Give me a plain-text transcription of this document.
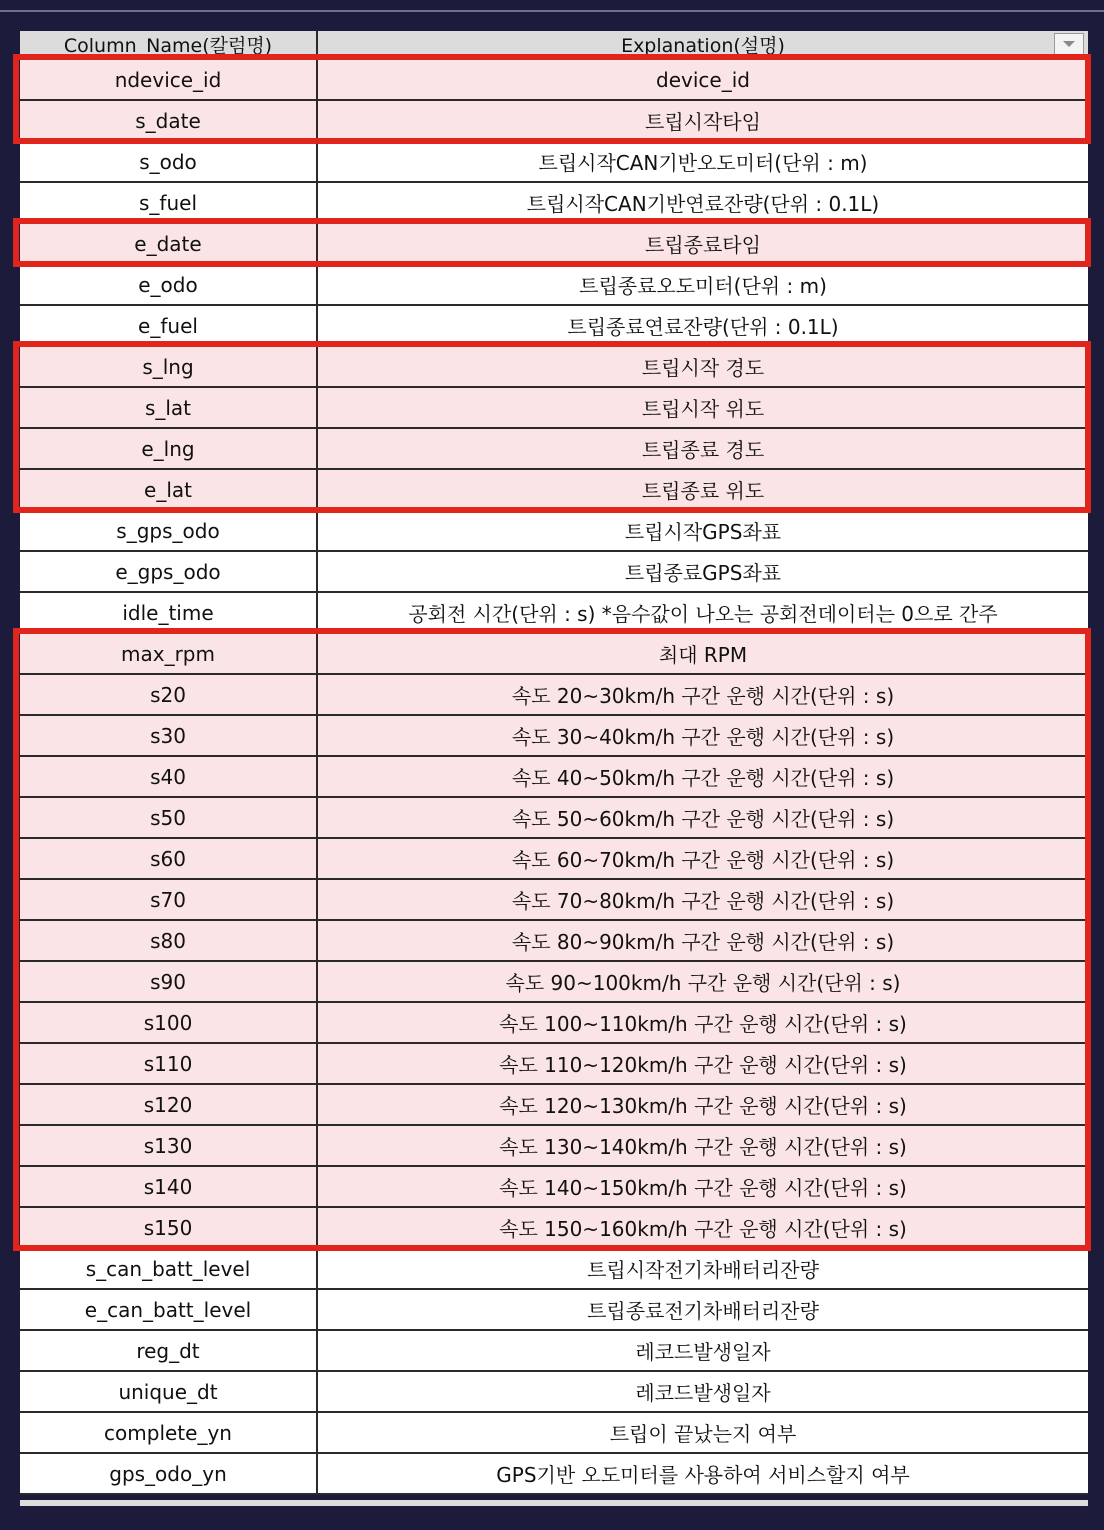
Column_Name(칼럼명)	Explanation(설명)
ndevice_id	device_id
s_date	트립시작타임
s_odo	트립시작CAN기반오도미터(단위 : m)
s_fuel	트립시작CAN기반연료잔량(단위 : 0.1L)
e_date	트립종료타임
e_odo	트립종료오도미터(단위 : m)
e_fuel	트립종료연료잔량(단위 : 0.1L)
s_lng	트립시작 경도
s_lat	트립시작 위도
e_lng	트립종료 경도
e_lat	트립종료 위도
s_gps_odo	트립시작GPS좌표
e_gps_odo	트립종료GPS좌표
idle_time	공회전 시간(단위 : s) *음수값이 나오는 공회전데이터는 0으로 간주
max_rpm	최대 RPM
s20	속도 20~30km/h 구간 운행 시간(단위 : s)
s30	속도 30~40km/h 구간 운행 시간(단위 : s)
s40	속도 40~50km/h 구간 운행 시간(단위 : s)
s50	속도 50~60km/h 구간 운행 시간(단위 : s)
s60	속도 60~70km/h 구간 운행 시간(단위 : s)
s70	속도 70~80km/h 구간 운행 시간(단위 : s)
s80	속도 80~90km/h 구간 운행 시간(단위 : s)
s90	속도 90~100km/h 구간 운행 시간(단위 : s)
s100	속도 100~110km/h 구간 운행 시간(단위 : s)
s110	속도 110~120km/h 구간 운행 시간(단위 : s)
s120	속도 120~130km/h 구간 운행 시간(단위 : s)
s130	속도 130~140km/h 구간 운행 시간(단위 : s)
s140	속도 140~150km/h 구간 운행 시간(단위 : s)
s150	속도 150~160km/h 구간 운행 시간(단위 : s)
s_can_batt_level	트립시작전기차배터리잔량
e_can_batt_level	트립종료전기차배터리잔량
reg_dt	레코드발생일자
unique_dt	레코드발생일자
complete_yn	트립이 끝났는지 여부
gps_odo_yn	GPS기반 오도미터를 사용하여 서비스할지 여부
